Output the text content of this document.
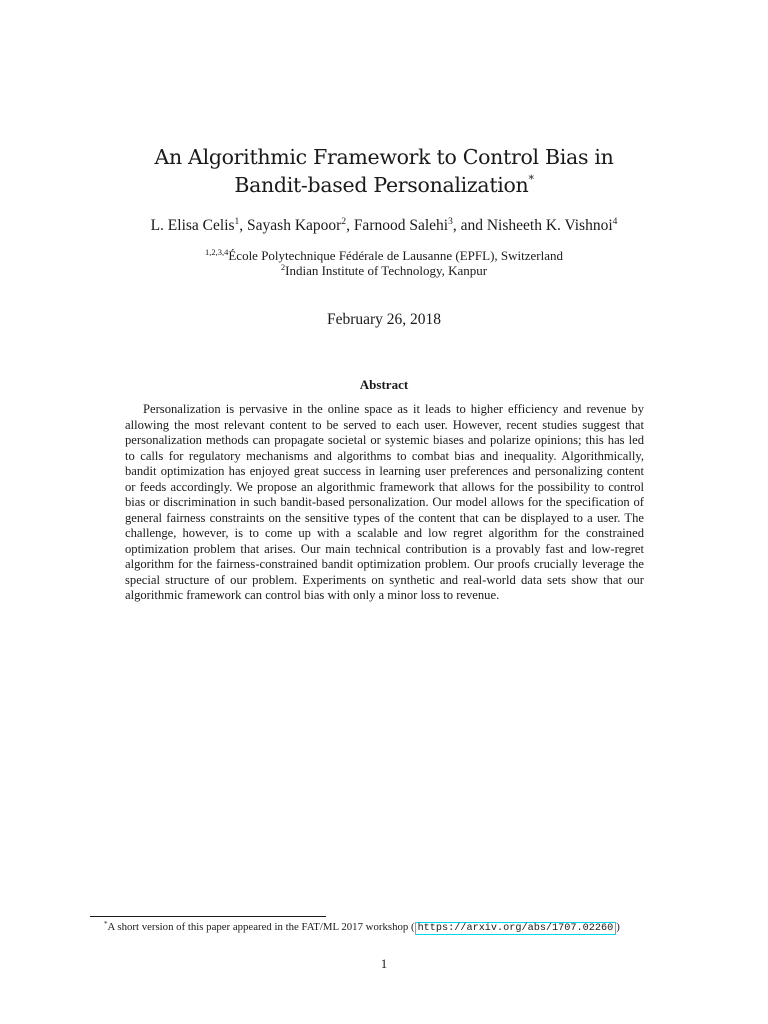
An Algorithmic Framework to Control Bias in
Bandit-based Personalization*
L. Elisa Celis$^1$, Sayash Kapoor$^2$, Farnood Salehi$^3$, and Nisheeth K. Vishnoi$^4$
$^{1,2,3,4}$École Polytechnique Fédérale de Lausanne (EPFL), Switzerland
$^2$Indian Institute of Technology, Kanpur
February 26, 2018
Abstract

Personalization is pervasive in the online space as it leads to higher efficiency and revenue by allowing the most relevant content to be served to each user. However, recent studies suggest that personalization methods can propagate societal or systemic biases and polarize opinions; this has led to calls for regulatory mechanisms and algorithms to combat bias and inequality. Algorithmically, bandit optimization has enjoyed great success in learning user preferences and personalizing content or feeds accordingly. We propose an algorithmic framework that allows for the possibility to control bias or discrimination in such bandit-based personalization. Our model allows for the specification of general fairness constraints on the sensitive types of the content that can be displayed to a user. The challenge, however, is to come up with a scalable and low regret algorithm for the constrained optimization problem that arises. Our main technical contribution is a provably fast and low-regret algorithm for the fairness-constrained bandit optimization problem. Our proofs crucially leverage the special structure of our problem. Experiments on synthetic and real-world data sets show that our algorithmic framework can control bias with only a minor loss to revenue.

*A short version of this paper appeared in the FAT/ML 2017 workshop ( https://arxiv.org/abs/1707.02260 )
1
